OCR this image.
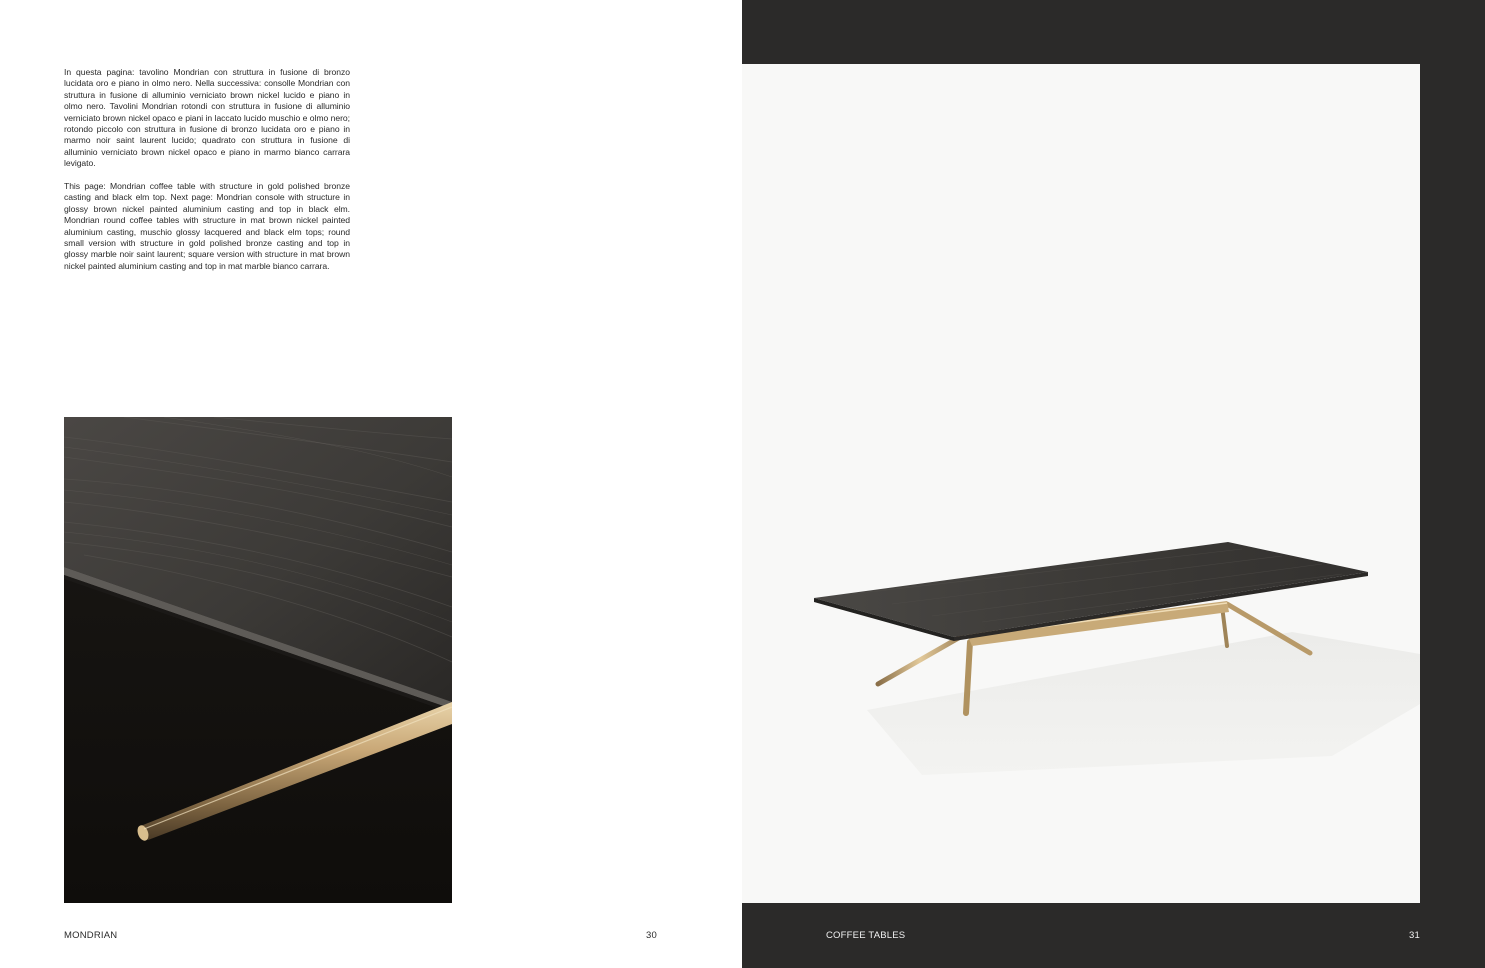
In questa pagina: tavolino Mondrian con struttura in fusione di bronzo lucidata oro e piano in olmo nero. Nella successiva: consolle Mondrian con struttura in fusione di alluminio verniciato brown nickel lucido e piano in olmo nero. Tavolini Mondrian rotondi con struttura in fusione di alluminio verniciato brown nickel opaco e piani in laccato lucido muschio e olmo nero; rotondo piccolo con struttura in fusione di bronzo lucidata oro e piano in marmo noir saint laurent lucido; quadrato con struttura in fusione di alluminio verniciato brown nickel opaco e piano in marmo bianco carrara levigato.

This page: Mondrian coffee table with structure in gold polished bronze casting and black elm top. Next page: Mondrian console with structure in glossy brown nickel painted aluminium casting and top in black elm. Mondrian round coffee tables with structure in mat brown nickel painted aluminium casting, muschio glossy lacquered and black elm tops; round small version with structure in gold polished bronze casting and top in glossy marble noir saint laurent; square version with structure in mat brown nickel painted aluminium casting and top in mat marble bianco carrara.

MONDRIAN	30	COFFEE TABLES	31
